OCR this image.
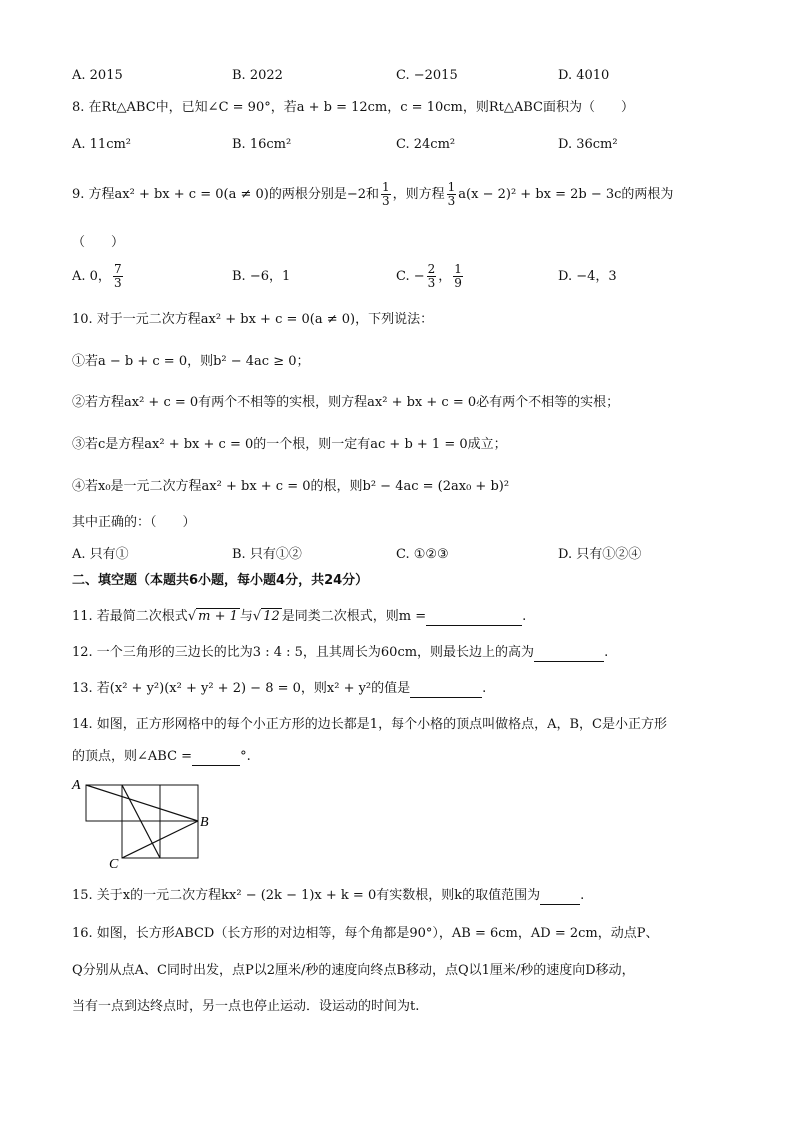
A. 2015	B. 2022	C. −2015	D. 4010
8. 在Rt△ABC中，已知∠C = 90°，若a + b = 12cm，c = 10cm，则Rt△ABC面积为（　　）
A. 11cm²	B. 16cm²	C. 24cm²	D. 36cm²
9. 方程ax² + bx + c = 0(a ≠ 0)的两根分别是−2和 $\frac{1}{3}$ ，则方程 $\frac{1}{3} a(x - 2)^2$ + bx = 2b − 3c的两根为
（　　）
A. 0， $\frac{7}{3}$	B. −6，1	C. − $\frac{2}{3}$ ， $\frac{1}{9}$	D. −4，3
10. 对于一元二次方程ax² + bx + c = 0(a ≠ 0)，下列说法：
①若a − b + c = 0，则b² − 4ac ≥ 0；
②若方程ax² + c = 0有两个不相等的实根，则方程ax² + bx + c = 0必有两个不相等的实根；
③若c是方程ax² + bx + c = 0的一个根，则一定有ac + b + 1 = 0成立；
④若x₀是一元二次方程ax² + bx + c = 0的根，则b² − 4ac = (2ax₀ + b)²
其中正确的：（　　）
A. 只有①	B. 只有①②	C. ①②③	D. 只有①②④
二、填空题（本题共6小题，每小题4分，共24分）
11. 若最简二次根式√ m + 1 与√ 12 是同类二次根式，则m =	.
12. 一个三角形的三边长的比为3 : 4 : 5，且其周长为60cm，则最长边上的高为	.
13. 若(x² + y²)(x² + y² + 2) − 8 = 0，则x² + y²的值是	.
14. 如图，正方形网格中的每个小正方形的边长都是1，每个小格的顶点叫做格点，A，B，C是小正方形
的顶点，则∠ABC =	°.
A
B
C
15. 关于x的一元二次方程kx² − (2k − 1)x + k = 0有实数根，则k的取值范围为	.
16. 如图，长方形ABCD（长方形的对边相等，每个角都是90°），AB = 6cm，AD = 2cm，动点P、
Q分别从点A、C同时出发，点P以2厘米/秒的速度向终点B移动，点Q以1厘米/秒的速度向D移动，
当有一点到达终点时，另一点也停止运动．设运动的时间为t.
